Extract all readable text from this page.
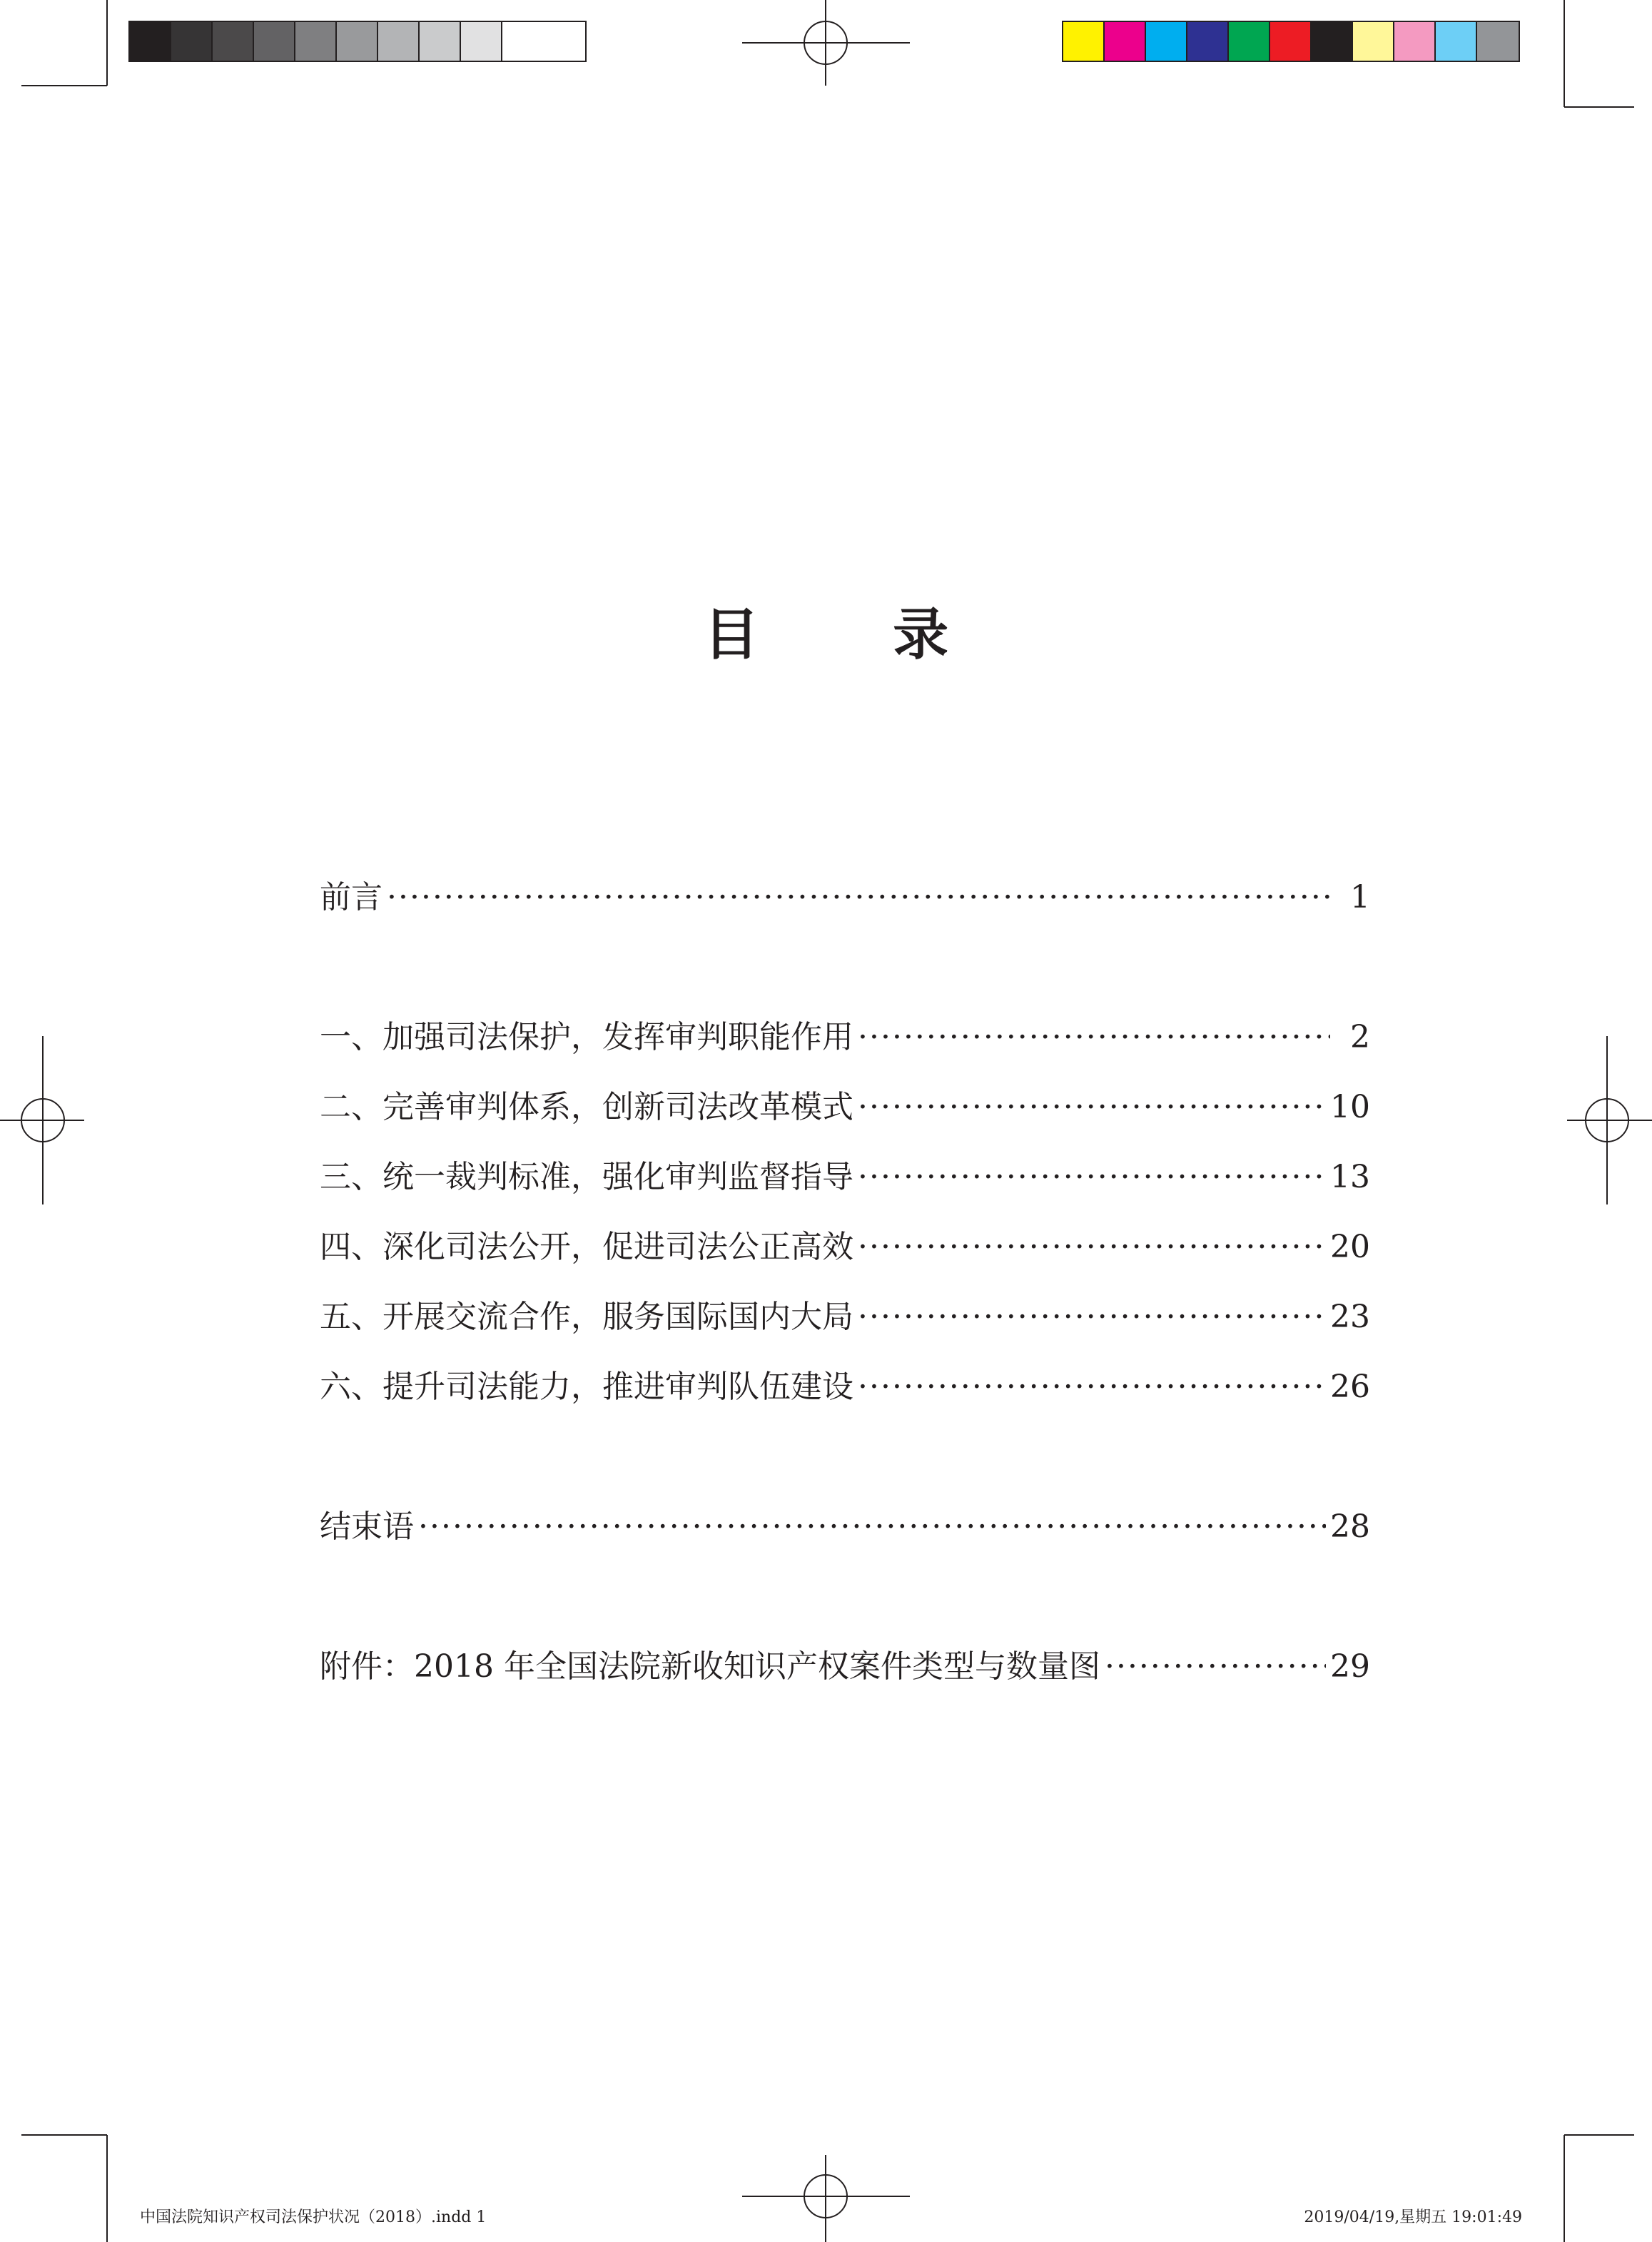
目 录
前言 ·····	1
一、加强司法保护，发挥审判职能作用 ·····	2
二、完善审判体系，创新司法改革模式 ·····	10
三、统一裁判标准，强化审判监督指导 ·····	13
四、深化司法公开，促进司法公正高效 ·····	20
五、开展交流合作，服务国际国内大局 ·····	23
六、提升司法能力，推进审判队伍建设 ·····	26
结束语 ·····	28
附件：2018 年全国法院新收知识产权案件类型与数量图 ·····	29
中国法院知识产权司法保护状况（2018）.indd 1	2019/04/19,星期五 19:01:49
